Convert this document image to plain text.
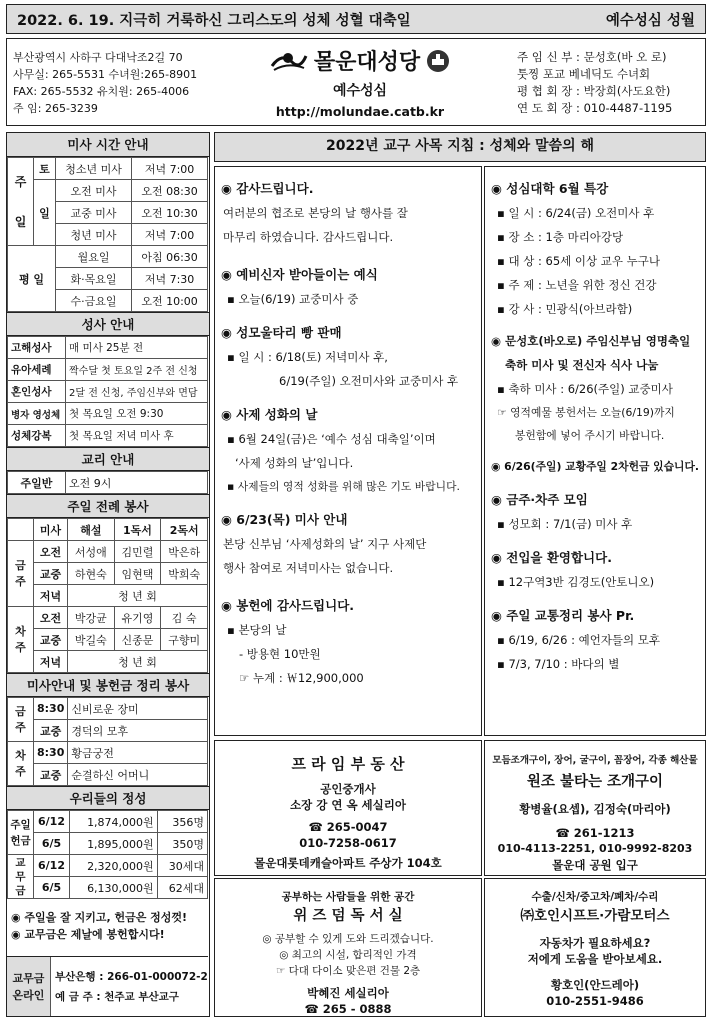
2022. 6. 19. 지극히 거룩하신 그리스도의 성체 성혈 대축일	예수성심 성월
부산광역시 사하구 다대낙조2길 70
사무실: 265-5531 수녀원:265-8901
FAX: 265-5532 유치원: 265-4006
주 임: 265-3239
몰운대성당
예수성심
http://molundae.catb.kr
주 임 신 부 : 문성호(바 오 로)
툿찡 포교 베네딕도 수녀회
평 협 회 장 : 박장희(사도요한)
연 도 회 장 : 010-4487-1195
미사 시간 안내
주

일	토	청소년 미사	저녁 7:00
	일	오전 미사	오전 08:30
		교중 미사	오전 10:30
		청년 미사	저녁 7:00
평 일		월요일	아침 06:30
		화·목요일	저녁 7:30
		수·금요일	오전 10:00
성사 안내
고해성사	매 미사 25분 전
유아세례	짝수달 첫 토요일 2주 전 신청
혼인성사	2달 전 신청, 주임신부와 면담
병자 영성체	첫 목요일 오전 9:30
성체강복	첫 목요일 저녁 미사 후
교리 안내
주일반	오전 9시
주일 전례 봉사
	미사	해설	1독서	2독서
금주	오전	서성애	김민렬	박은하
	교중	하현숙	임현택	박희숙
	저녁	청 년 회		
차주	오전	박강균	유기영	김 숙
	교중	박길숙	신종문	구향미
	저녁	청 년 회		
미사안내 및 봉헌금 정리 봉사
금주	8:30	신비로운 장미
	교중	경덕의 모후
차주	8:30	황금궁전
	교중	순결하신 어머니
우리들의 정성
주일헌금	6/12	1,874,000원	356명
	6/5	1,895,000원	350명
교무금	6/12	2,320,000원	30세대
	6/5	6,130,000원	62세대
◉ 주일을 잘 지키고, 헌금은 정성껏!
◉ 교무금은 제날에 봉헌합시다!
교무금
온라인
부산은행 : 266-01-000072-2
예 금 주 : 천주교 부산교구
2022년 교구 사목 지침 : 성체와 말씀의 해
◉ 감사드립니다.
여러분의 협조로 본당의 날 행사를 잘
마무리 하였습니다. 감사드립니다.
◉ 예비신자 받아들이는 예식
▪ 오늘(6/19) 교중미사 중
◉ 성모울타리 빵 판매
▪ 일 시 : 6/18(토) 저녁미사 후,
6/19(주일) 오전미사와 교중미사 후
◉ 사제 성화의 날
▪ 6월 24일(금)은 ‘예수 성심 대축일’이며
‘사제 성화의 날’입니다.
▪ 사제들의 영적 성화를 위해 많은 기도 바랍니다.
◉ 6/23(목) 미사 안내
본당 신부님 ‘사제성화의 날’ 지구 사제단
행사 참여로 저녁미사는 없습니다.
◉ 봉헌에 감사드립니다.
▪ 본당의 날
- 방용현 10만원
☞ 누계 : ￦12,900,000
◉ 성심대학 6월 특강
▪ 일 시 : 6/24(금) 오전미사 후
▪ 장 소 : 1층 마리아강당
▪ 대 상 : 65세 이상 교우 누구나
▪ 주 제 : 노년을 위한 정신 건강
▪ 강 사 : 민광식(아브라함)
◉ 문성호(바오로) 주임신부님 영명축일
축하 미사 및 전신자 식사 나눔
▪ 축하 미사 : 6/26(주일) 교중미사
☞ 영적예물 봉헌서는 오늘(6/19)까지
봉헌함에 넣어 주시기 바랍니다.
◉ 6/26(주일) 교황주일 2차헌금 있습니다.
◉ 금주·차주 모임
▪ 성모회 : 7/1(금) 미사 후
◉ 전입을 환영합니다.
▪ 12구역3반 김경도(안토니오)
◉ 주일 교통정리 봉사 Pr.
▪ 6/19, 6/26 : 예언자들의 모후
▪ 7/3, 7/10 : 바다의 별
프 라 임 부 동 산
공인중개사
소장 강 연 옥 세실리아
☎ 265-0047
010-7258-0617
몰운대롯데캐슬아파트 주상가 104호
모듬조개구이, 장어, 굴구이, 꼼장어, 각종 해산물
원조 불타는 조개구이
황병율(요셉), 김정숙(마리아)
☎ 261-1213
010-4113-2251, 010-9992-8203
몰운대 공원 입구
공부하는 사람들을 위한 공간
위 즈 덤 독 서 실
◎ 공부할 수 있게 도와 드리겠습니다.
◎ 최고의 시설, 합리적인 가격
☞ 다대 다이소 맞은편 건물 2층
박혜진 세실리아
☎ 265 - 0888
수출/신차/중고차/폐차/수리
㈜호인시프트·가람모터스
자동차가 필요하세요?
저에게 도움을 받아보세요.
황호인(안드레아)
010-2551-9486
